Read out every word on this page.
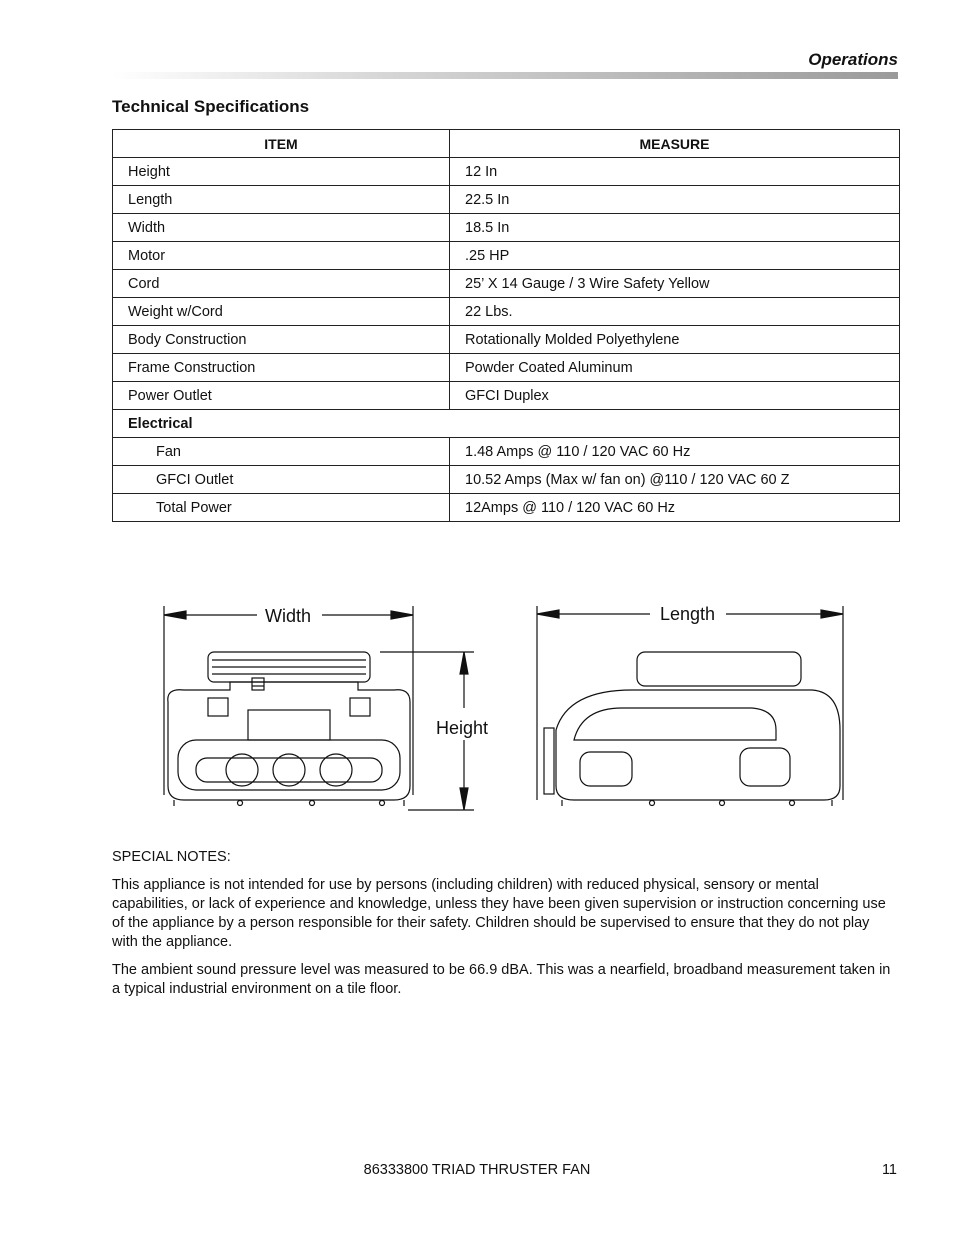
Operations
Technical Specifications
ITEM	MEASURE
Height	12 In
Length	22.5 In
Width	18.5 In
Motor	.25 HP
Cord	25’ X 14 Gauge / 3 Wire Safety Yellow
Weight w/Cord	22 Lbs.
Body Construction	Rotationally Molded Polyethylene
Frame Construction	Powder Coated Aluminum
Power Outlet	GFCI Duplex
Electrical	
Fan	1.48 Amps @ 110 / 120 VAC 60 Hz
GFCI Outlet	10.52 Amps (Max w/ fan on) @110 / 120 VAC 60 Z
Total Power	12Amps @ 110 / 120 VAC 60 Hz
Width
Height
Length
SPECIAL NOTES:

This appliance is not intended for use by persons (including children) with reduced physical, sensory or mental capabilities, or lack of experience and knowledge, unless they have been given supervision or instruction concerning use of the appliance by a person responsible for their safety. Children should be supervised to ensure that they do not play with the appliance.

The ambient sound pressure level was measured to be 66.9 dBA. This was a nearfield, broadband measurement taken in a typical industrial environment on a tile floor.

86333800 TRIAD THRUSTER FAN	11
